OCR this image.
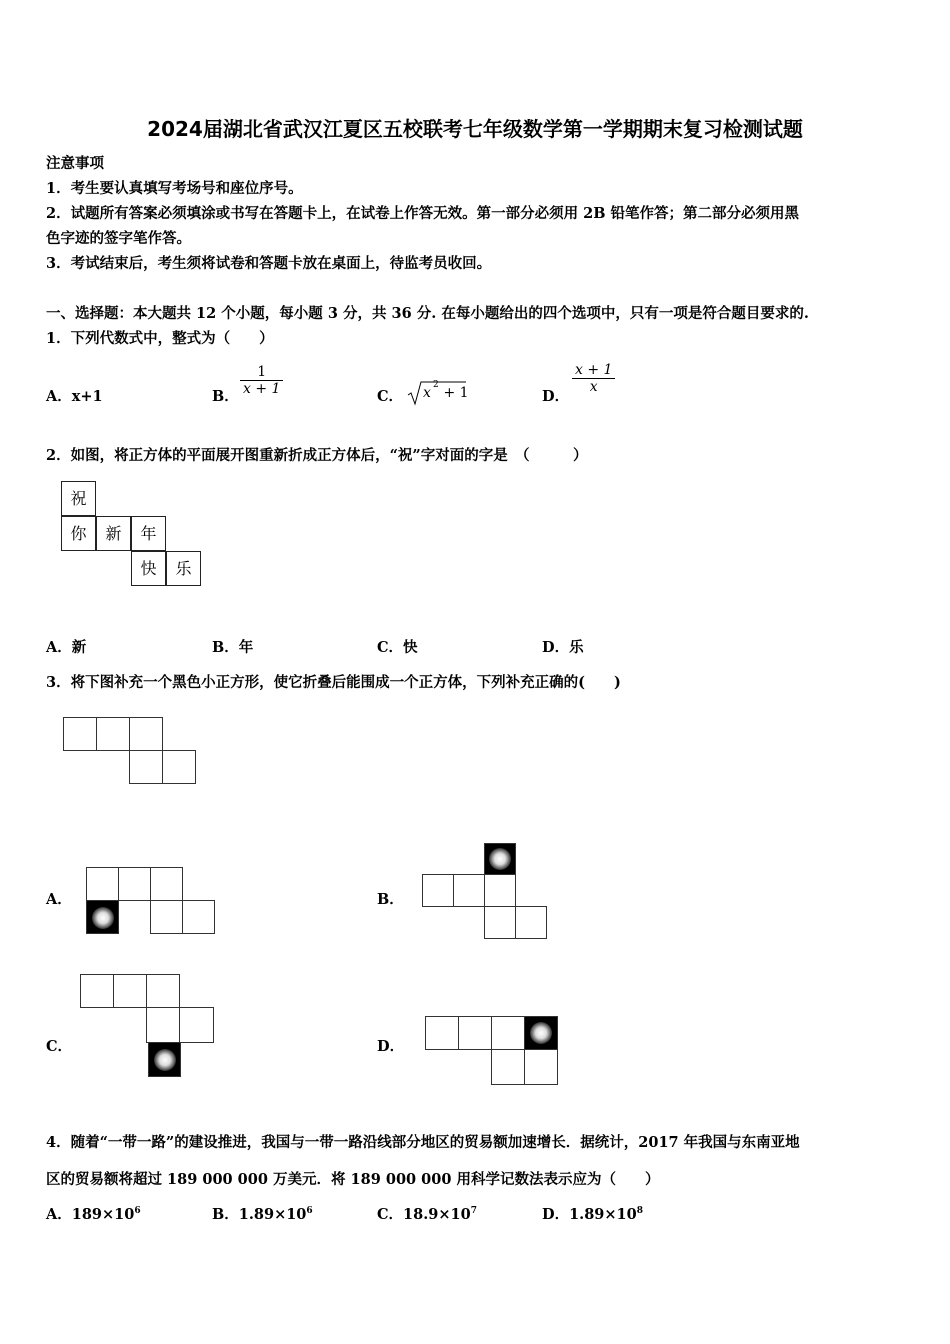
2024届湖北省武汉江夏区五校联考七年级数学第一学期期末复习检测试题
注意事项
1．考生要认真填写考场号和座位序号。
2．试题所有答案必须填涂或书写在答题卡上，在试卷上作答无效。第一部分必须用 2B 铅笔作答；第二部分必须用黑
色字迹的签字笔作答。
3．考试结束后，考生须将试卷和答题卡放在桌面上，待监考员收回。
一、选择题：本大题共 12 个小题，每小题 3 分，共 36 分. 在每小题给出的四个选项中，只有一项是符合题目要求的.
1．下列代数式中，整式为（　　）
A．x+1	B． $\frac{1}{x + 1}$	C． x 2 + 1	D．
$\frac{x + 1}{x}$
2．如图，将正方体的平面展开图重新折成正方体后，“祝”字对面的字是　（　　　）
祝
你	新	年
快	乐
A．新	B．年	C．快	D．乐
3．将下图补充一个黑色小正方形，使它折叠后能围成一个正方体，下列补充正确的(　　)
A．	B．
C．	D．
4．随着“一带一路”的建设推进，我国与一带一路沿线部分地区的贸易额加速增长．据统计，2017 年我国与东南亚地
区的贸易额将超过 189 000 000 万美元．将 189 000 000 用科学记数法表示应为（　　）
A．$189\times 10^6$	B．$1.89\times 10^6$	C．$18.9\times 10^7$	D．$1.89\times 10^8$
